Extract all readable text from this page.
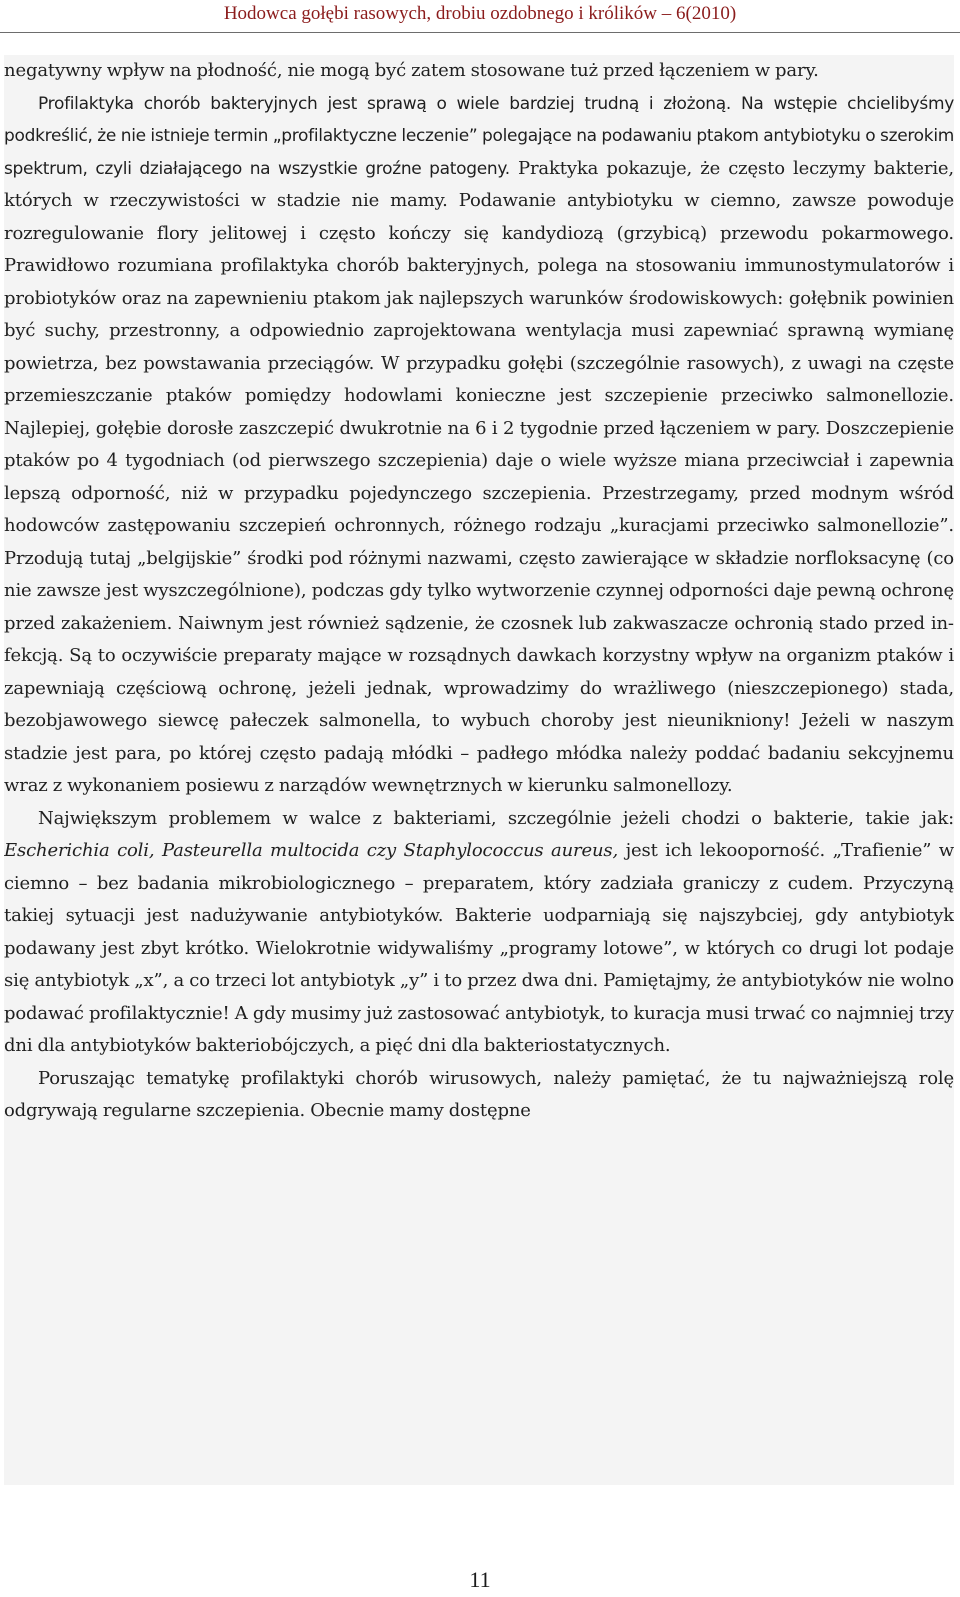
Hodowca gołębi rasowych, drobiu ozdobnego i królików – 6(2010)

negatywny wpływ na płodność, nie mogą być zatem stosowane tuż przed łączeniem w pary.

Profilaktyka chorób bakteryjnych jest sprawą o wiele bardziej trudną i złożoną. Na wstępie chcielibyśmy podkreślić, że nie istnieje termin „profilaktyczne leczenie” polegające na podawaniu ptakom antybiotyku o szerokim spektrum, czyli działającego na wszystkie groźne patogeny. Praktyka pokazuje, że często leczymy bakterie, których w rzeczywistości w stadzie nie mamy. Podawanie antybiotyku w ciemno, zawsze powoduje rozregulowanie flory jelitowej i często kończy się kandydiozą (grzybicą) przewodu pokarmowego. Prawidłowo rozumiana profilaktyka chorób bakteryjnych, polega na stosowaniu immunostymulatorów i probiotyków oraz na zapewnieniu ptakom jak najlepszych warunków środowiskowych: gołębnik powinien być suchy, przestronny, a odpowiednio zaprojektowana wentylacja musi zapewniać sprawną wymianę powietrza, bez powstawania przeciągów. W przypadku gołębi (szczególnie rasowych), z uwagi na częste przemieszczanie ptaków pomiędzy hodowlami konieczne jest szczepienie przeciwko salmonellozie. Najlepiej, gołębie dorosłe zaszczepić dwukrotnie na 6 i 2 tygodnie przed łączeniem w pary. Doszczepienie ptaków po 4 tygodniach (od pierwszego szczepienia) daje o wiele wyższe miana przeciwciał i zapewnia lepszą odporność, niż w przypadku pojedynczego szczepienia. Przestrzegamy, przed modnym wśród hodowców zastępowaniu szczepień ochronnych, różnego rodzaju „kuracjami przeciwko salmonellozie”. Przodują tutaj „belgijskie” środki pod różnymi nazwami, często zawierające w składzie norfloksacynę (co nie zawsze jest wyszczególnione), podczas gdy tylko wytworzenie czynnej odporności daje pewną ochronę przed zakażeniem. Naiwnym jest również sądzenie, że czosnek lub zakwaszacze ochronią stado przed infekcją. Są to oczywiście preparaty mające w rozsądnych dawkach korzystny wpływ na organizm ptaków i zapewniają częściową ochronę, jeżeli jednak, wprowadzimy do wrażliwego (nieszczepionego) stada, bezobjawowego siewcę pałeczek salmonella, to wybuch choroby jest nieunikniony! Jeżeli w naszym stadzie jest para, po której często padają młódki – padłego młódka należy poddać badaniu sekcyjnemu wraz z wykonaniem posiewu z narządów wewnętrznych w kierunku salmonellozy.

Największym problemem w walce z bakteriami, szczególnie jeżeli chodzi o bakterie, takie jak: Escherichia coli, Pasteurella multocida czy Staphylococcus aureus, jest ich lekooporność. „Trafienie” w ciemno – bez badania mikrobiologicznego – preparatem, który zadziała graniczy z cudem. Przyczyną takiej sytuacji jest nadużywanie antybiotyków. Bakterie uodparniają się najszybciej, gdy antybiotyk podawany jest zbyt krótko. Wielokrotnie widywaliśmy „programy lotowe”, w których co drugi lot podaje się antybiotyk „x”, a co trzeci lot antybiotyk „y” i to przez dwa dni. Pamiętajmy, że antybiotyków nie wolno podawać profilaktycznie! A gdy musimy już zastosować antybiotyk, to kuracja musi trwać co najmniej trzy dni dla antybiotyków bakteriobójczych, a pięć dni dla bakteriostatycznych.

Poruszając tematykę profilaktyki chorób wirusowych, należy pamiętać, że tu najważniejszą rolę odgrywają regularne szczepienia. Obecnie mamy dostępne

11
